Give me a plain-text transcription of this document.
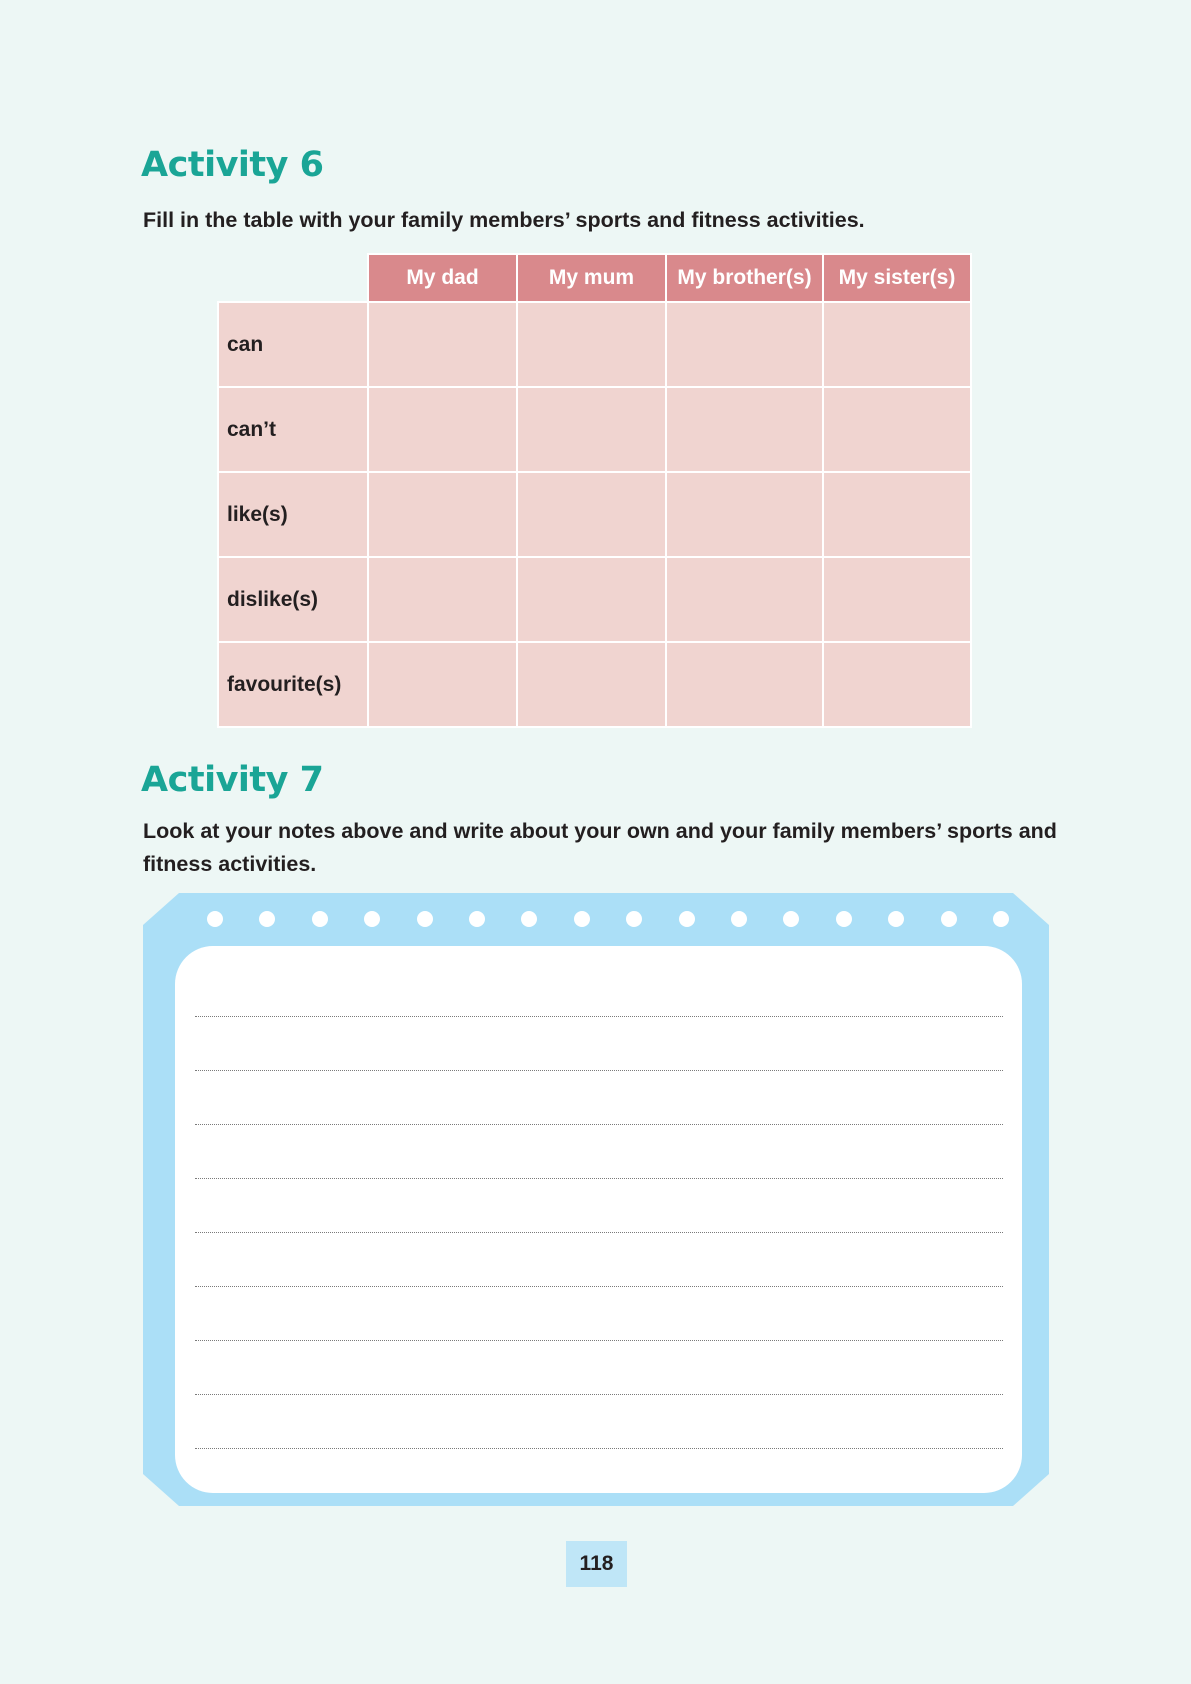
Activity 6

Fill in the table with your family members’ sports and fitness activities.

	My dad	My mum	My brother(s)	My sister(s)
can				
can’t				
like(s)				
dislike(s)				
favourite(s)				
Activity 7

Look at your notes above and write about your own and your family members’ sports and fitness activities.

118
